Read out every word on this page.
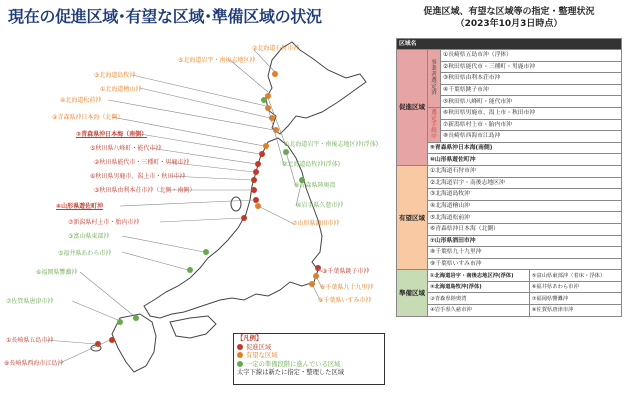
現在の促進区域･有望な区域･準備区域の状況	促進区域、有望な区域等の指定・整理状況
（2023年10月3日時点）
⑤北海道岩宇・南後志地区沖
②北海道石狩市沖
③北海道島牧沖
①北海道檜山沖
④北海道松前沖
⑨青森県沖日本海（北側）
③青森県沖日本海（南側）
⑤秋田県八峰町・能代市沖
②秋田県能代市・三種町・男鹿市沖
⑥秋田県男鹿市、潟上市・秋田市沖
③秋田県由利本荘市沖（北側・南側）
④山形県遊佐町沖
⑦新潟県村上市・胎内市沖
③富山県東部沖
⑤福井県あわら市沖
⑥福岡県響灘沖
⑦佐賀県唐津市沖
①長崎県五島市沖
⑧長崎県西海市江島沖
①北海道岩宇・南後志地区沖(浮体)
②北海道島牧沖(浮体)
⑧青森県陸奥湾
④岩手県久慈市沖
⑦山形県酒田市沖
⑨千葉県銚子市沖
⑧千葉県九十九里沖
⑨千葉県いすみ市沖
【凡例】
促進区域
有望な区域
一定の準備段階に進んでいる区域
太字下線は新たに指定・整理した区域
区域名			
促進区域	事業者選定済	①長崎県五島市沖（浮体）	
		②秋田県能代市・三種町・男鹿市沖	
		③秋田県由利本荘市沖	
		④千葉県銚子市沖	
		⑤秋田県八峰町・能代市沖	
	選定手続中	⑥秋田県男鹿市、潟上市・秋田市沖	
		⑦新潟県村上市・胎内市沖	
		⑧長崎県西海市江島沖	
	⑨青森県沖日本海(南側)		
	⑩山形県遊佐町沖		
有望区域	①北海道石狩市沖		
	②北海道岩宇・南後志地区沖		
	③北海道島牧沖		
	④北海道檜山沖		
	⑤北海道松前沖		
	⑥青森県沖日本海（北側）		
	⑦山形県酒田市沖		
	⑧千葉県九十九里沖		
	⑨千葉県いすみ市沖		
準備区域	①北海道岩宇・南後志地区沖(浮体)		⑤富山県東部沖（着床・浮体）
	②北海道島牧沖(浮体)		⑥福井県あわら市沖
	③青森県陸奥湾		⑦福岡県響灘沖
	④岩手県久慈市沖		⑧佐賀県唐津市沖
